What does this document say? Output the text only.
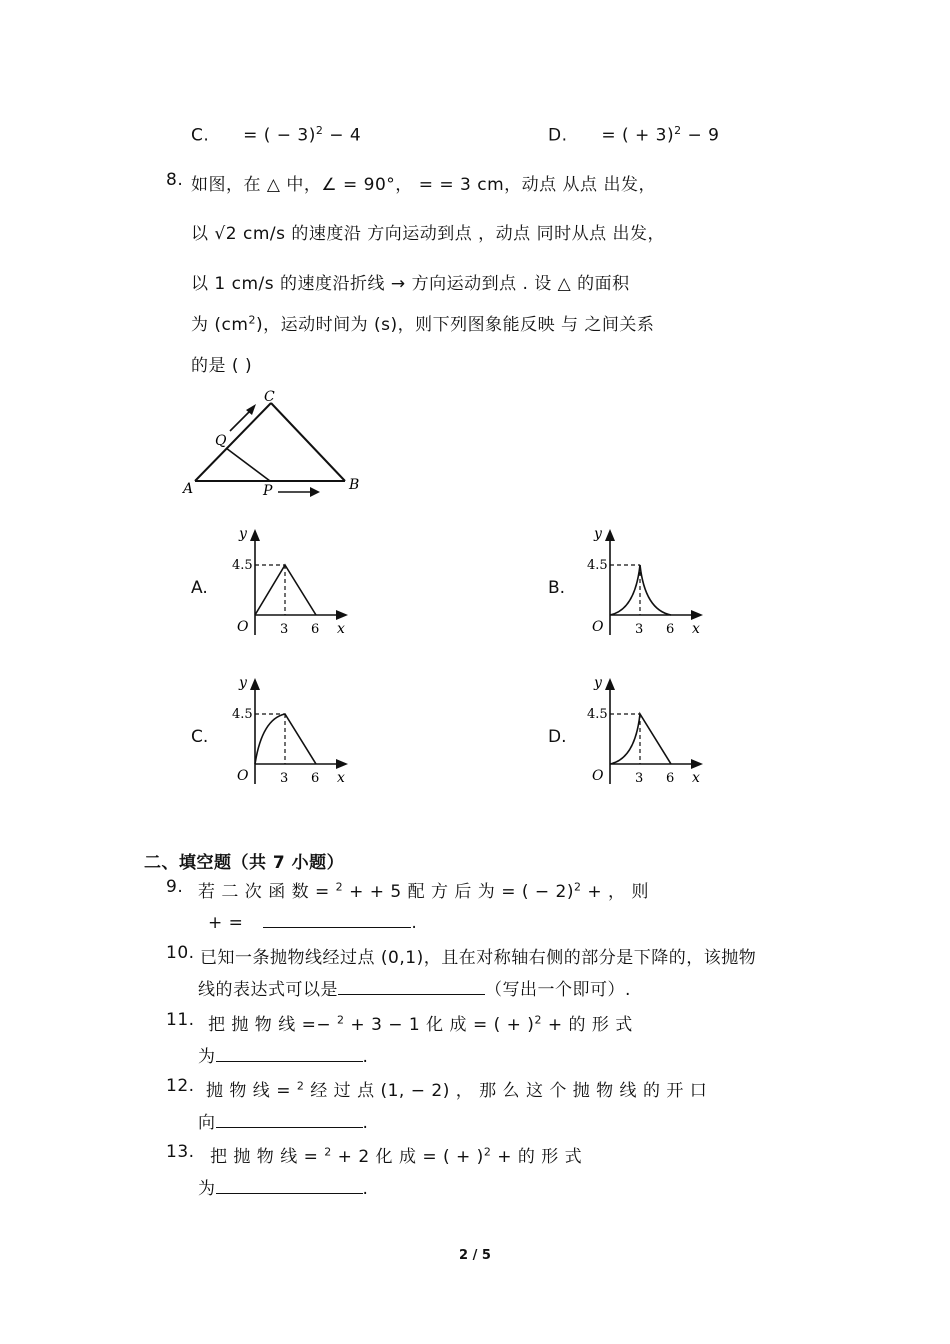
C. = ( − 3)$^2$ − 4	D. = ( + 3)$^2$ − 9
8. 如图，在 △ 中，∠ = 90°， = = 3 cm，动点 从点 出发，
以 √2 cm/s 的速度沿 方向运动到点 ，动点 同时从点 出发，
以 1 cm/s 的速度沿折线 → 方向运动到点 . 设 △ 的面积
为 $(cm^2)$，运动时间为 (s)，则下列图象能反映 与 之间关系
的是 ( )
C
Q
A	P	B
A.	B.
C.	D.
4.5
O 3 6 x
y
4.5
O 3 6 x
y
4.5
O 3 6 x
y
4.5
O 3 6 x
y
二、填空题（共 7 小题）
9. 若 二 次 函 数 = $^2$ + + 5 配 方 后 为 = ( − 2)$^2$ + ， 则
+ =	.
10. 已知一条抛物线经过点 (0,1)，且在对称轴右侧的部分是下降的，该抛物
线的表达式可以是	（写出一个即可）.
11. 把 抛 物 线 =− $^2$ + 3 − 1 化 成 = ( + )$^2$ + 的 形 式
为	.
12. 抛 物 线 = $^2$ 经 过 点 (1, − 2) ， 那 么 这 个 抛 物 线 的 开 口
向	.
13. 把 抛 物 线 = $^2$ + 2 化 成 = ( + )$^2$ + 的 形 式
为	.
2 / 5
